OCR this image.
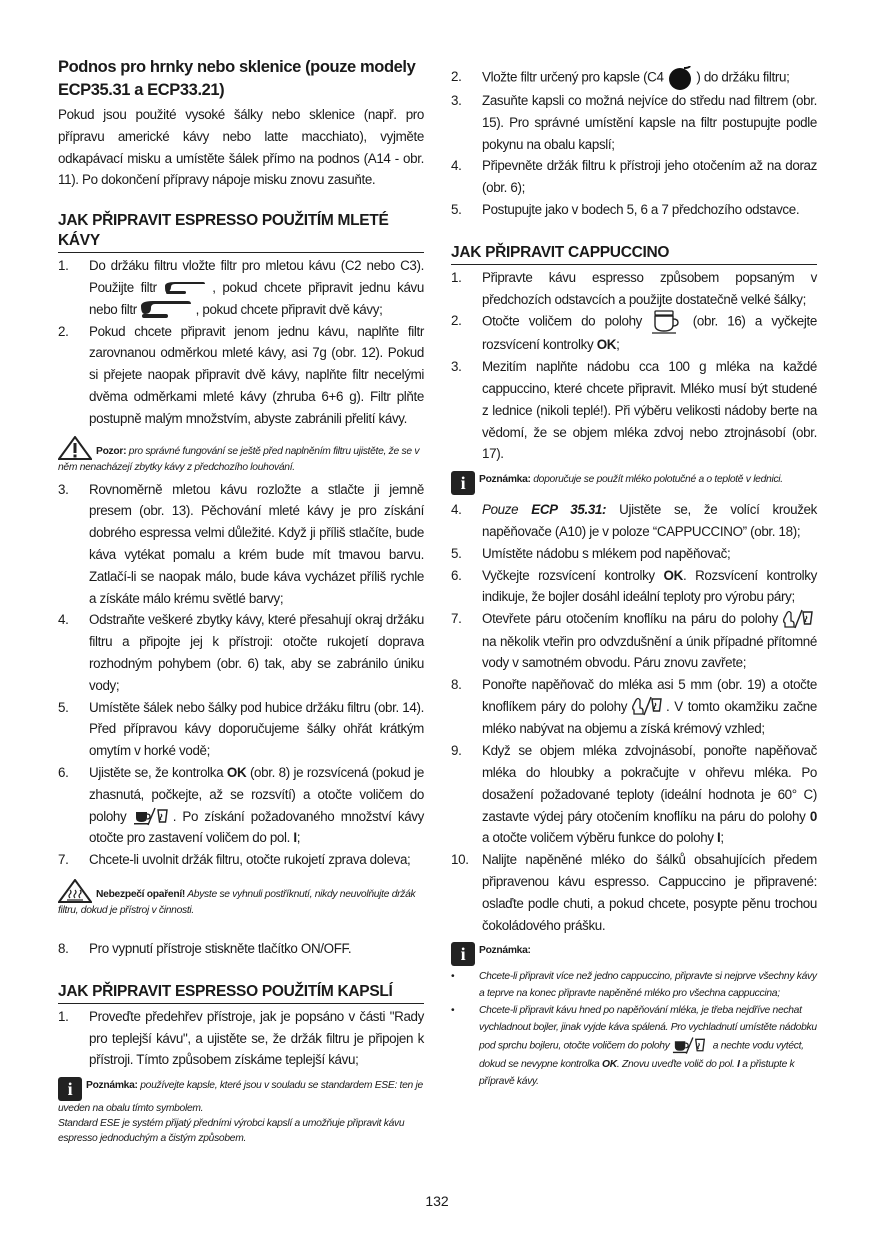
Podnos pro hrnky nebo sklenice (pouze modely
ECP35.31 a ECP33.21)

Pokud jsou použité vysoké šálky nebo sklenice (např. pro přípravu americké kávy nebo latte macchiato), vyjměte odkapávací misku a umístěte šálek přímo na podnos (A14 - obr. 11). Po dokončení přípravy nápoje misku znovu zasuňte.

JAK PŘIPRAVIT ESPRESSO POUŽITÍM MLETÉ KÁVY
1.	Do držáku filtru vložte filtr pro mletou kávu (C2 nebo C3). Použijte filtr	, pokud chcete připravit jednu kávu nebo filtr	, pokud chcete připravit dvě kávy;
2.	Pokud chcete připravit jenom jednu kávu, naplňte filtr zarovnanou odměrkou mleté kávy, asi 7g (obr. 12). Pokud si přejete naopak připravit dvě kávy, naplňte filtr necelými dvěma odměrkami mleté kávy (zhruba 6+6 g). Filtr plňte postupně malým množstvím, abyste zabránili přelití kávy.
Pozor: pro správné fungování se ještě před naplněním filtru ujistěte, že se v něm nenacházejí zbytky kávy z předchozího louhování.
3.	Rovnoměrně mletou kávu rozložte a stlačte ji jemně presem (obr. 13). Pěchování mleté kávy je pro získání dobrého espressa velmi důležité. Když ji příliš stlačíte, bude káva vytékat pomalu a krém bude mít tmavou barvu. Zatlačí-li se naopak málo, bude káva vycházet příliš rychle a získáte málo krému světlé barvy;
4.	Odstraňte veškeré zbytky kávy, které přesahují okraj držáku filtru a připojte jej k přístroji: otočte rukojetí doprava rozhodným pohybem (obr. 6) tak, aby se zabránilo úniku vody;
5.	Umístěte šálek nebo šálky pod hubice držáku filtru (obr. 14). Před přípravou kávy doporučujeme šálky ohřát krátkým omytím v horké vodě;
6.	Ujistěte se, že kontrolka OK (obr. 8) je rozsvícená (pokud je zhasnutá, počkejte, až se rozsvítí) a otočte voličem do polohy	. Po získání požadovaného množství kávy otočte pro zastavení voličem do pol. I;
7.	Chcete-li uvolnit držák filtru, otočte rukojetí zprava doleva;
Nebezpečí opaření! Abyste se vyhnuli postříknutí, nikdy neuvolňujte držák filtru, dokud je přístroj v činnosti.
8.	Pro vypnutí přístroje stiskněte tlačítko ON/OFF.
JAK PŘIPRAVIT ESPRESSO POUŽITÍM KAPSLÍ
1.	Proveďte předehřev přístroje, jak je popsáno v části "Rady pro teplejší kávu", a ujistěte se, že držák filtru je připojen k přístroji. Tímto způsobem získáme teplejší kávu;
i Poznámka: používejte kapsle, které jsou v souladu se standardem ESE: ten je uveden na obalu tímto symbolem.
Standard ESE je systém přijatý předními výrobci kapslí a umožňuje připravit kávu espresso jednoduchým a čistým způsobem.
2.	Vložte filtr určený pro kapsle (C4 ) do držáku filtru;
3.	Zasuňte kapsli co možná nejvíce do středu nad filtrem (obr. 15). Pro správné umístění kapsle na filtr postupujte podle pokynu na obalu kapslí;
4.	Připevněte držák filtru k přístroji jeho otočením až na doraz (obr. 6);
5.	Postupujte jako v bodech 5, 6 a 7 předchozího odstavce.
JAK PŘIPRAVIT CAPPUCCINO
1.	Připravte kávu espresso způsobem popsaným v předchozích odstavcích a použijte dostatečně velké šálky;
2.	Otočte voličem do polohy	(obr. 16) a vyčkejte rozsvícení kontrolky OK;
3.	Mezitím naplňte nádobu cca 100 g mléka na každé cappuccino, které chcete připravit. Mléko musí být studené z lednice (nikoli teplé!). Při výběru velikosti nádoby berte na vědomí, že se objem mléka zdvoj nebo ztrojnásobí (obr. 17).
i Poznámka: doporučuje se použít mléko polotučné a o teplotě v lednici.
4.	Pouze ECP 35.31: Ujistěte se, že volící kroužek napěňovače (A10) je v poloze “CAPPUCCINO” (obr. 18);
5.	Umístěte nádobu s mlékem pod napěňovač;
6.	Vyčkejte rozsvícení kontrolky OK. Rozsvícení kontrolky indikuje, že bojler dosáhl ideální teploty pro výrobu páry;
7.	Otevřete páru otočením knoflíku na páru do polohy  na několik vteřin pro odvzdušnění a únik případné přítomné vody v samotném obvodu. Páru znovu zavřete;
8.	Ponořte napěňovač do mléka asi 5 mm (obr. 19) a otočte knoflíkem páry do polohy	. V tomto okamžiku začne mléko nabývat na objemu a získá krémový vzhled;
9.	Když se objem mléka zdvojnásobí, ponořte napěňovač mléka do hloubky a pokračujte v ohřevu mléka. Po dosažení požadované teploty (ideální hodnota je 60° C) zastavte výdej páry otočením knoflíku na páru do polohy 0 a otočte voličem výběru funkce do polohy I;
10.	Nalijte napěněné mléko do šálků obsahujících předem připravenou kávu espresso. Cappuccino je připravené: oslaďte podle chuti, a pokud chcete, posypte pěnu trochou čokoládového prášku.
i Poznámka:
•	Chcete-li připravit více než jedno cappuccino, připravte si nejprve všechny kávy a teprve na konec připravte napěněné mléko pro všechna cappuccina;
•	Chcete-li připravit kávu hned po napěňování mléka, je třeba nejdříve nechat vychladnout bojler, jinak vyjde káva spálená. Pro vychladnutí umístěte nádobku pod sprchu bojleru, otočte voličem do polohy	a nechte vodu vytéct, dokud se nevypne kontrolka OK. Znovu uveďte volič do pol. I a přistupte k přípravě kávy.
132
